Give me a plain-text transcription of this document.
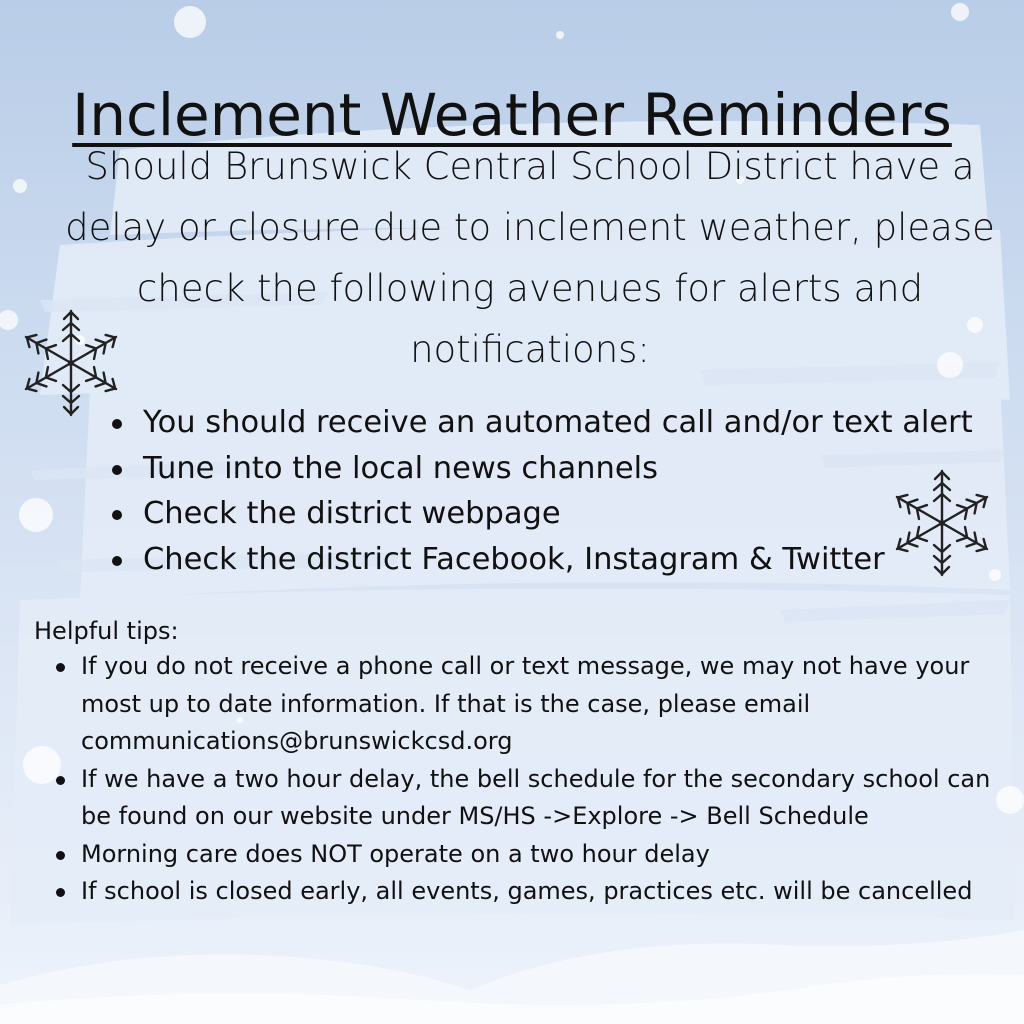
Inclement Weather Reminders
Should Brunswick Central School District have a delay or closure due to inclement weather, please check the following avenues for alerts and notifications:
You should receive an automated call and/or text alert
Tune into the local news channels
Check the district webpage
Check the district Facebook, Instagram & Twitter
Helpful tips:
If you do not receive a phone call or text message, we may not have your most up to date information. If that is the case, please email communications@brunswickcsd.org
If we have a two hour delay, the bell schedule for the secondary school can be found on our website under MS/HS ->Explore -> Bell Schedule
Morning care does NOT operate on a two hour delay
If school is closed early, all events, games, practices etc. will be cancelled
